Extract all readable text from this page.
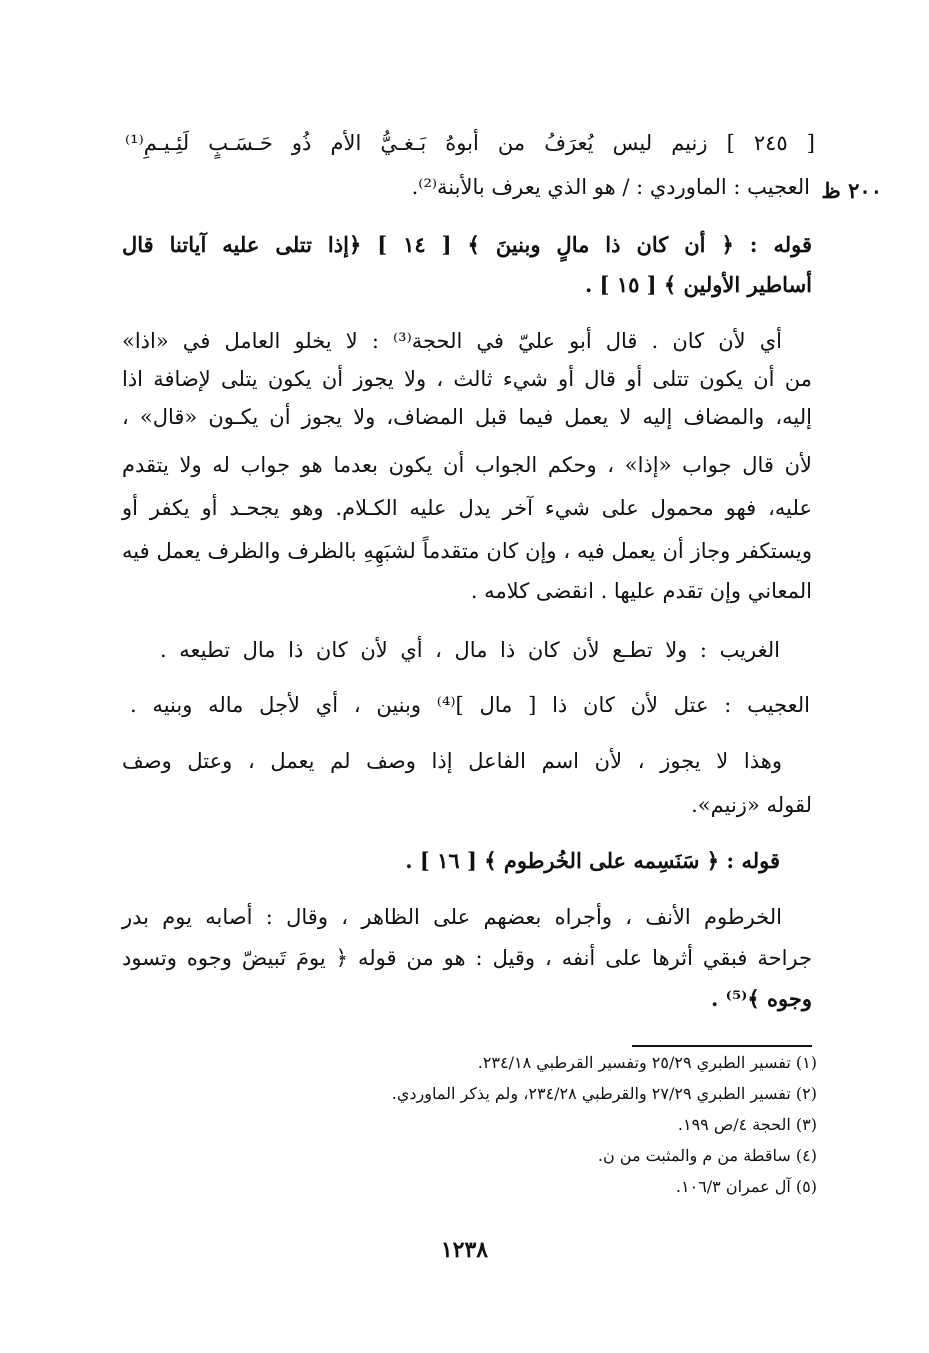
٢٠٠ ظ
[ ٢٤٥ ] زنيم ليس يُعرَفُ من أبوهُ بَـغـيُّ الأم ذُو حَـسَـبٍ لَئِـيـمِ⁽¹⁾
العجيب : الماوردي : / هو الذي يعرف بالأبنة⁽²⁾.
قوله : ﴿ أن كان ذا مالٍ وبنينَ ﴾ [ ١٤ ] ﴿إذا تتلى عليه آياتنا قال
أساطير الأولين ﴾ [ ١٥ ] .
أي لأن كان . قال أبو عليّ في الحجة⁽³⁾ : لا يخلو العامل في «اذا»
من أن يكون تتلى أو قال أو شيء ثالث ، ولا يجوز أن يكون يتلى لإضافة اذا
إليه، والمضاف إليه لا يعمل فيما قبل المضاف، ولا يجوز أن يكـون «قال» ،
لأن قال جواب «إذا» ، وحكم الجواب أن يكون بعدما هو جواب له ولا يتقدم
عليه، فهو محمول على شيء آخر يدل عليه الكـلام. وهو يجحـد أو يكفر أو
ويستكفر وجاز أن يعمل فيه ، وإن كان متقدماً لشبَهِهِ بالظرف والظرف يعمل فيه
المعاني وإن تقدم عليها . انقضى كلامه .
الغريب : ولا تطـع لأن كان ذا مال ، أي لأن كان ذا مال تطيعه .
العجيب : عتل لأن كان ذا [ مال ]⁽⁴⁾ وبنين ، أي لأجل ماله وبنيه .
وهذا لا يجوز ، لأن اسم الفاعل إذا وصف لم يعمل ، وعتل وصف
لقوله «زنيم».
قوله : ﴿ سَنَسِمه على الخُرطوم ﴾ [ ١٦ ] .
الخرطوم الأنف ، وأجراه بعضهم على الظاهر ، وقال : أصابه يوم بدر
جراحة فبقي أثرها على أنفه ، وقيل : هو من قوله ﴿ يومَ تَبيضّ وجوه وتسود
وجوه ﴾⁽⁵⁾ .
(١) تفسير الطبري ٢٥/٢٩ وتفسير القرطبي ٢٣٤/١٨.
(٢) تفسير الطبري ٢٧/٢٩ والقرطبي ٢٣٤/٢٨، ولم يذكر الماوردي.
(٣) الحجة ٤/ص ١٩٩.
(٤) ساقطة من م والمثبت من ن.
(٥) آل عمران ١٠٦/٣.
١٢٣٨
